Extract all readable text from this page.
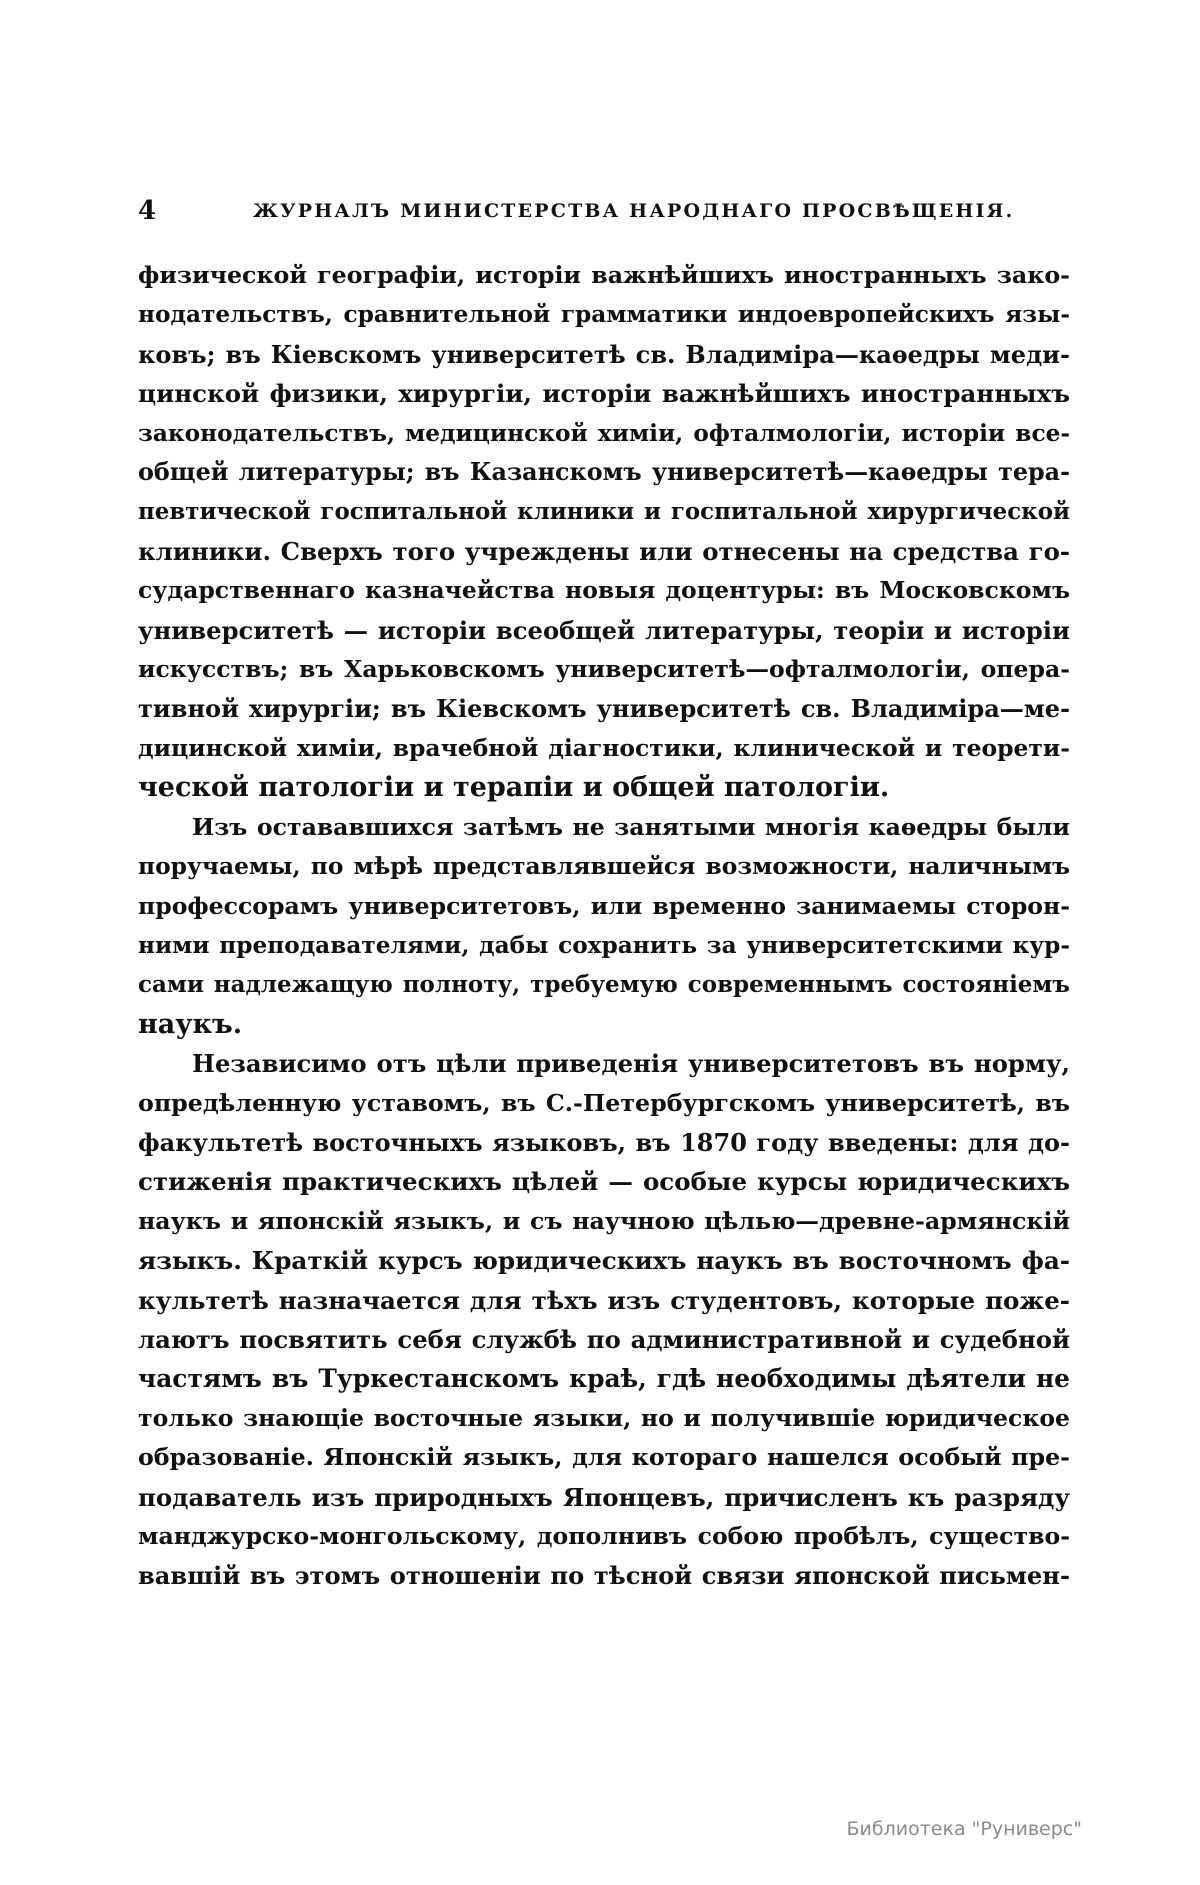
4	ЖУРНАЛЪ МИНИСТЕРСТВА НАРОДНАГО ПРОСВѢЩЕНІЯ.

физической географіи, исторіи важнѣйшихъ иностранныхъ зако-
нодательствъ, сравнительной грамматики индоевропейскихъ язы-
ковъ; въ Кіевскомъ университетѣ св. Владиміра—каѳедры меди-
цинской физики, хирургіи, исторіи важнѣйшихъ иностранныхъ
законодательствъ, медицинской химіи, офталмологіи, исторіи все-
общей литературы; въ Казанскомъ университетѣ—каѳедры тера-
певтической госпитальной клиники и госпитальной хирургической
клиники. Сверхъ того учреждены или отнесены на средства го-
сударственнаго казначейства новыя доцентуры: въ Московскомъ
университетѣ — исторіи всеобщей литературы, теоріи и исторіи
искусствъ; въ Харьковскомъ университетѣ—офталмологіи, опера-
тивной хирургіи; въ Кіевскомъ университетѣ св. Владиміра—ме-
дицинской химіи, врачебной діагностики, клинической и теорети-
ческой патологіи и терапіи и общей патологіи.

Изъ остававшихся затѣмъ не занятыми многія каѳедры были
поручаемы, по мѣрѣ представлявшейся возможности, наличнымъ
профессорамъ университетовъ, или временно занимаемы сторон-
ними преподавателями, дабы сохранить за университетскими кур-
сами надлежащую полноту, требуемую современнымъ состояніемъ
наукъ.

Независимо отъ цѣли приведенія университетовъ въ норму,
опредѣленную уставомъ, въ С.-Петербургскомъ университетѣ, въ
факультетѣ восточныхъ языковъ, въ 1870 году введены: для до-
стиженія практическихъ цѣлей — особые курсы юридическихъ
наукъ и японскій языкъ, и съ научною цѣлью—древне-армянскій
языкъ. Краткій курсъ юридическихъ наукъ въ восточномъ фа-
культетѣ назначается для тѣхъ изъ студентовъ, которые поже-
лаютъ посвятить себя службѣ по административной и судебной
частямъ въ Туркестанскомъ краѣ, гдѣ необходимы дѣятели не
только знающіе восточные языки, но и получившіе юридическое
образованіе. Японскій языкъ, для котораго нашелся особый пре-
подаватель изъ природныхъ Японцевъ, причисленъ къ разряду
манджурско-монгольскому, дополнивъ собою пробѣлъ, существо-
вавшій въ этомъ отношеніи по тѣсной связи японской письмен-

Библиотека "Руниверс"
